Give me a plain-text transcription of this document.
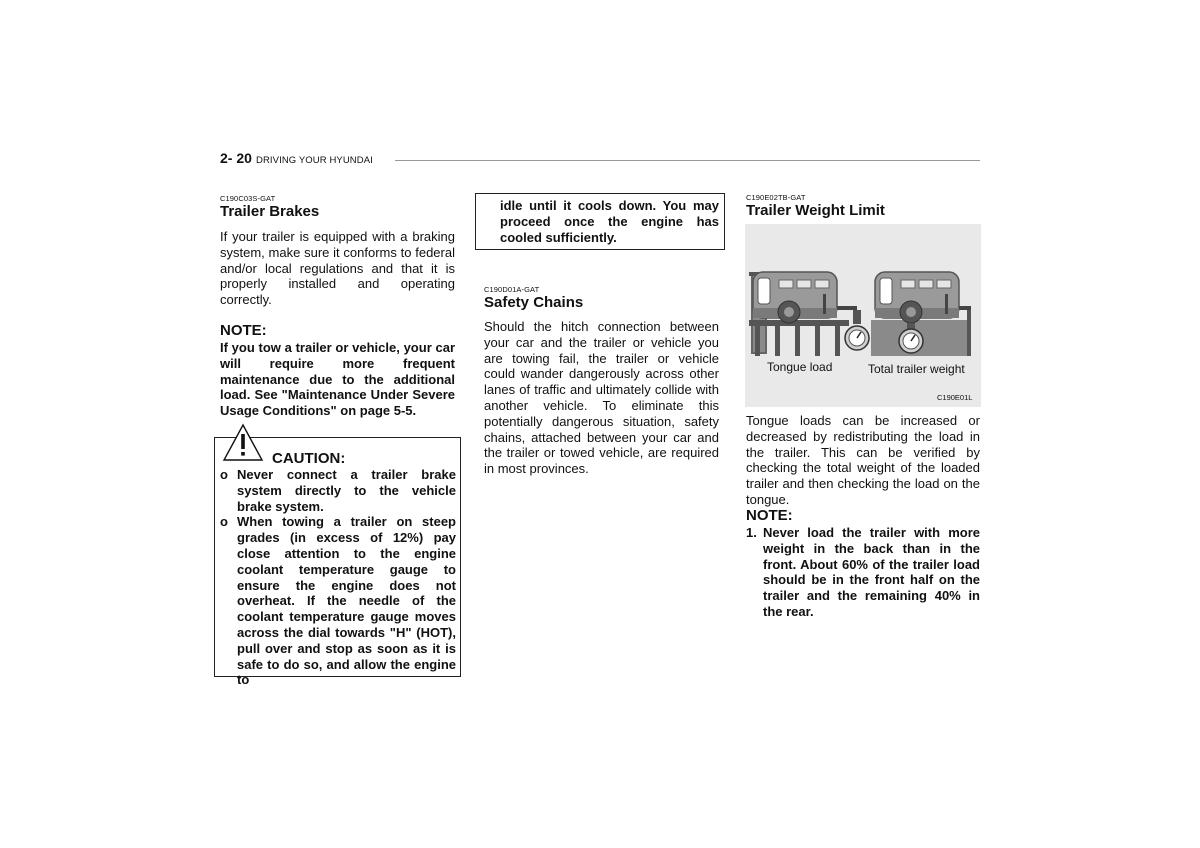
2- 20 DRIVING YOUR HYUNDAI
C190C03S-GAT
Trailer Brakes
If your trailer is equipped with a braking system, make sure it conforms to federal and/or local regulations and that it is properly installed and operating correctly.
NOTE:
If you tow a trailer or vehicle, your car will require more frequent maintenance due to the additional load. See "Maintenance Under Severe Usage Conditions" on page 5-5.
CAUTION:
o Never connect a trailer brake system directly to the vehicle brake system.
o When towing a trailer on steep grades (in excess of 12%) pay close attention to the engine coolant temperature gauge to ensure the engine does not overheat. If the needle of the coolant temperature gauge moves across the dial towards "H" (HOT), pull over and stop as soon as it is safe to do so, and allow the engine to
idle until it cools down. You may proceed once the engine has cooled sufficiently.
C190D01A-GAT
Safety Chains
Should the hitch connection between your car and the trailer or vehicle you are towing fail, the trailer or vehicle could wander dangerously across other lanes of traffic and ultimately collide with another vehicle. To eliminate this potentially dangerous situation, safety chains, attached between your car and the trailer or towed vehicle, are required in most provinces.
C190E02TB-GAT
Trailer Weight Limit
Tongue load	Total trailer weight
C190E01L
Tongue loads can be increased or decreased by redistributing the load in the trailer. This can be verified by checking the total weight of the loaded trailer and then checking the load on the tongue.
NOTE:
1. Never load the trailer with more weight in the back than in the front. About 60% of the trailer load should be in the front half on the trailer and the remaining 40% in the rear.
